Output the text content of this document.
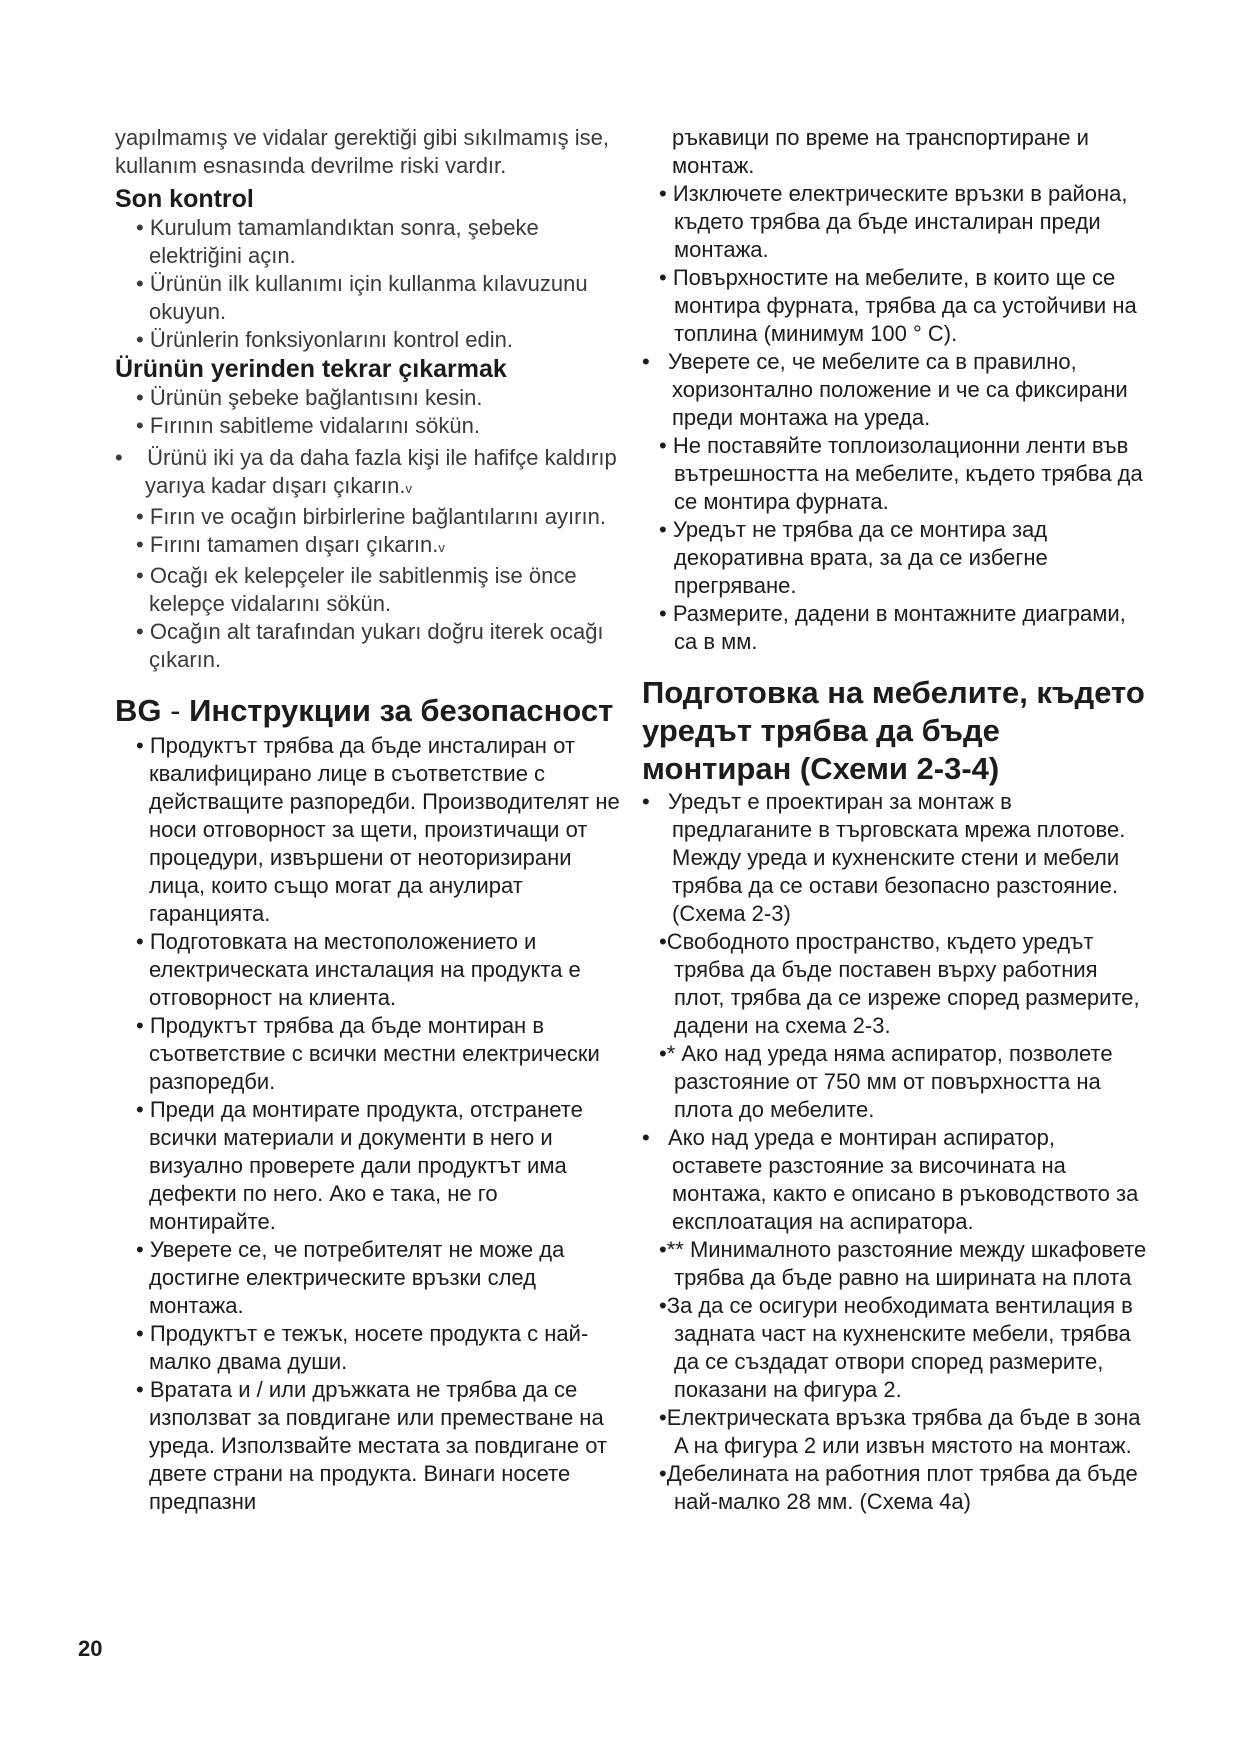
yapılmamış ve vidalar gerektiği gibi sıkılmamış ise, kullanım esnasında devrilme riski vardır.

Son kontrol

• Kurulum tamamlandıktan sonra, şebeke elektriğini açın.

• Ürünün ilk kullanımı için kullanma kılavuzunu okuyun.

• Ürünlerin fonksiyonlarını kontrol edin.

Ürünün yerinden tekrar çıkarmak

• Ürünün şebeke bağlantısını kesin.

• Fırının sabitleme vidalarını sökün.

•    Ürünü iki ya da daha fazla kişi ile hafifçe kaldırıp yarıya kadar dışarı çıkarın.v

• Fırın ve ocağın birbirlerine bağlantılarını ayırın.

• Fırını tamamen dışarı çıkarın.v

• Ocağı ek kelepçeler ile sabitlenmiş ise önce kelepçe vidalarını sökün.

• Ocağın alt tarafından yukarı doğru iterek ocağı çıkarın.

BG - Инструкции за безопасност

• Продуктът трябва да бъде инсталиран от квалифицирано лице в съответствие с действащите разпоредби. Производителят не носи отговорност за щети, произтичащи от процедури, извършени от неоторизирани лица, които също могат да анулират гаранцията.

• Подготовката на местоположението и електрическата инсталация на продукта е отговорност на клиента.

• Продуктът трябва да бъде монтиран в съответствие с всички местни електрически разпоредби.

• Преди да монтирате продукта, отстранете всички материали и документи в него и визуално проверете дали продуктът има дефекти по него. Ако е така, не го монтирайте.

• Уверете се, че потребителят не може да достигне електрическите връзки след монтажа.

• Продуктът е тежък, носете продукта с най-малко двама души.

• Вратата и / или дръжката не трябва да се използват за повдигане или преместване на уреда. Използвайте местата за повдигане от двете страни на продукта. Винаги носете предпазни

ръкавици по време на транспортиране и монтаж.

• Изключете електрическите връзки в района, където трябва да бъде инсталиран преди монтажа.

• Повърхностите на мебелите, в които ще се монтира фурната, трябва да са устойчиви на топлина (минимум 100 ° C).

•   Уверете се, че мебелите са в правилно, хоризонтално положение и че са фиксирани преди монтажа на уреда.

• Не поставяйте топлоизолационни ленти във вътрешността на мебелите, където трябва да се монтира фурната.

• Уредът не трябва да се монтира зад декоративна врата, за да се избегне прегряване.

• Размерите, дадени в монтажните диаграми, са в мм.

Подготовка на мебелите, където уредът трябва да бъде монтиран (Схеми 2-3-4)

•   Уредът е проектиран за монтаж в предлаганите в търговската мрежа плотове. Между уреда и кухненските стени и мебели трябва да се остави безопасно разстояние. (Схема 2-3)

•Свободното пространство, където уредът трябва да бъде поставен върху работния плот, трябва да се изреже според размерите, дадени на схема 2-3.

•* Ако над уреда няма аспиратор, позволете разстояние от 750 мм от повърхността на плота до мебелите.

•   Ако над уреда е монтиран аспиратор, оставете разстояние за височината на монтажа, както е описано в ръководството за експлоатация на аспиратора.

•** Минималното разстояние между шкафовете трябва да бъде равно на ширината на плота

•За да се осигури необходимата вентилация в задната част на кухненските мебели, трябва да се създадат отвори според размерите, показани на фигура 2.

•Електрическата връзка трябва да бъде в зона A на фигура 2 или извън мястото на монтаж.

•Дебелината на работния плот трябва да бъде най-малко 28 мм. (Схема 4a)

20
